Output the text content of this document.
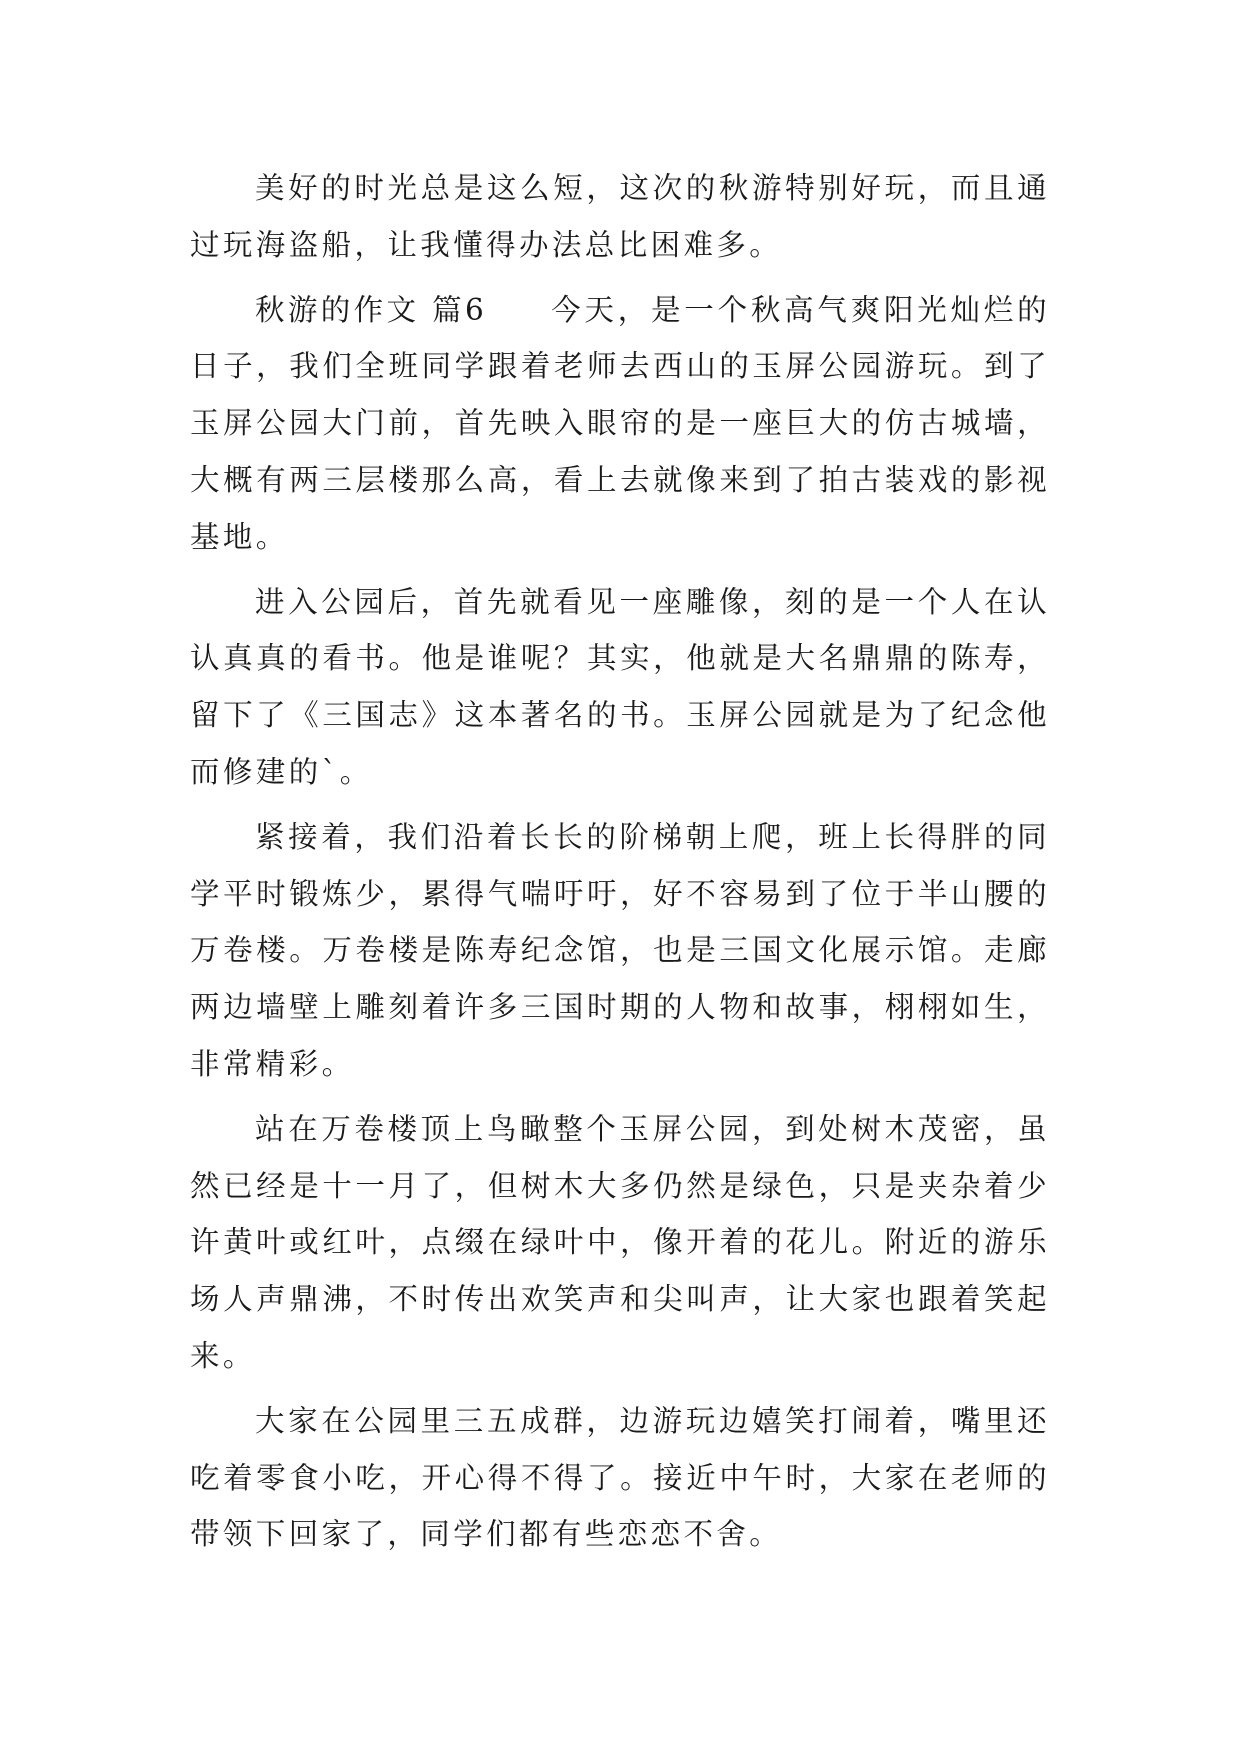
美好的时光总是这么短，这次的秋游特别好玩，而且通过玩海盗船，让我懂得办法总比困难多。

秋游的作文 篇6 今天，是一个秋高气爽阳光灿烂的日子，我们全班同学跟着老师去西山的玉屏公园游玩。到了玉屏公园大门前，首先映入眼帘的是一座巨大的仿古城墙，大概有两三层楼那么高，看上去就像来到了拍古装戏的影视基地。

进入公园后，首先就看见一座雕像，刻的是一个人在认认真真的看书。他是谁呢？其实，他就是大名鼎鼎的陈寿，留下了《三国志》这本著名的书。玉屏公园就是为了纪念他而修建的`。

紧接着，我们沿着长长的阶梯朝上爬，班上长得胖的同学平时锻炼少，累得气喘吁吁，好不容易到了位于半山腰的万卷楼。万卷楼是陈寿纪念馆，也是三国文化展示馆。走廊两边墙壁上雕刻着许多三国时期的人物和故事，栩栩如生，非常精彩。

站在万卷楼顶上鸟瞰整个玉屏公园，到处树木茂密，虽然已经是十一月了，但树木大多仍然是绿色，只是夹杂着少许黄叶或红叶，点缀在绿叶中，像开着的花儿。附近的游乐场人声鼎沸，不时传出欢笑声和尖叫声，让大家也跟着笑起来。

大家在公园里三五成群，边游玩边嬉笑打闹着，嘴里还吃着零食小吃，开心得不得了。接近中午时，大家在老师的带领下回家了，同学们都有些恋恋不舍。
